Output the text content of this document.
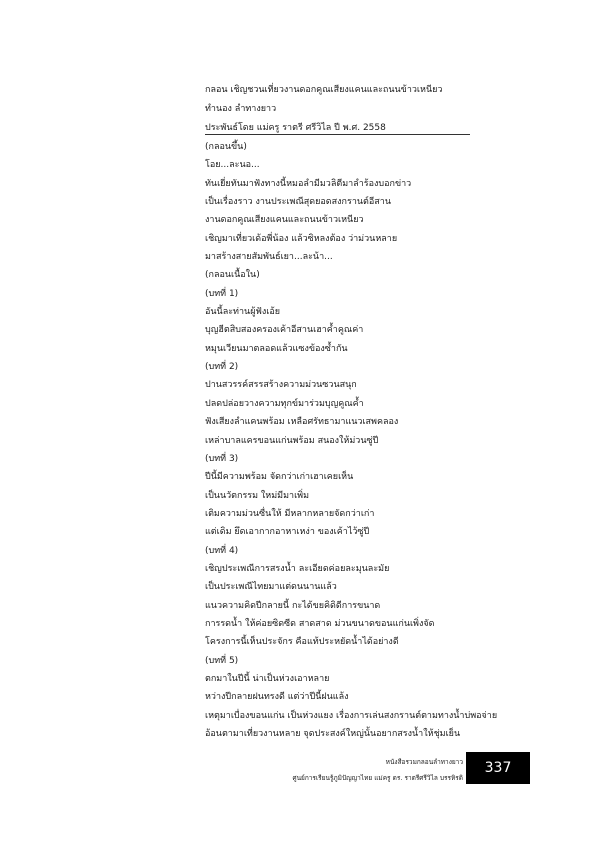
กลอน เชิญชวนเที่ยวงานดอกคูณเสียงแคนและถนนข้าวเหนียว
ทำนอง ลำทางยาว
ประพันธ์โดย แม่ครู ราตรี ศรีวิไล ปี พ.ศ. 2558
(กลอนขึ้น)
โอย...ละนอ...
ทันเยี่ยทันมาฟังทางนี้หมอลำมีมวลิตีมาลำร้องบอกข่าว
เป็นเรื่องราว งานประเพณีสุดยอดสงกรานต์อีสาน
งานดอกคูณเสียงแคนและถนนข้าวเหนียว
เชิญมาเที่ยวเด้อพี่น้อง แล้วซิหลงต้อง ว่าม่วนหลาย
มาสร้างสายสัมพันธ์เยา...ละน้า...
(กลอนเนื้อใน)
(บทที่ 1)
อันนี้ละท่านผู้ฟังเอ้ย
บุญฮีตสิบสองครองเค้าอีสานเฮาค้ำคูณค่า
หมุนเวียนมาตลอดแล้วแซงข้องซ้ำกัน
(บทที่ 2)
ปานสวรรค์สรรสร้างความม่วนซวนสนุก
ปลดปล่อยวางความทุกข์มาร่วมบุญคูณค้ำ
ฟังเสียงลำแคนพร้อม เหลือศรัทธามาแนวเสพคลอง
เหล่าบาลแครขอนแก่นพร้อม สนองให้ม่วนซู่ปี
(บทที่ 3)
ปีนี้มีความพร้อม จัดกว่าเก่าเฮาเคยเห็น
เป็นนวัตกรรม ใหม่มีมาเพิ่ม
เติมความม่วนซื่นให้ มีหลากหลายจัดกว่าเก่า
แต่เดิม ยึดเอากากอาหาเหง่า ของเค้าไว้ซู่ปี
(บทที่ 4)
เชิญประเพณีการสรงน้ำ ละเอียดค่อยละมุนละมัย
เป็นประเพณีไทยมาแต่ดนนานแล้ว
แนวความคิดปีกลายนี้ กะได้ขยคิดิดีการขนาด
การรดน้ำ ให้ค่อยซิดซีด สาดสาด ม่วนขนาดขอนแก่นเพิ่งจัด
โครงการนี้เห็นประจักร คือแท้ประหยัดน้ำได้อย่างดี
(บทที่ 5)
ตกมาในปีนี้ น่าเป็นห่วงเอาหลาย
หว่างปีกลายฝนทรงดี แต่ว่าปีนี้ฝนแล้ง
เหตุมาเบื่องขอนแก่น เป็นห่วงแยง เรื่องการเล่นสงกรานต์ตามทางน้ำบ่พอจ่าย
อ้อนตามาเที่ยวงานหลาย จุดประสงค์ใหญ่นั้นอยากสรงน้ำให้ชุ่มเย็น
หนังสือรวมกลอนลำทางยาว
ศูนย์การเรียนรู้ภูมิปัญญาไทย แม่ครู ดร. ราตรีศรีวิไล บรรหิรดิ
337
